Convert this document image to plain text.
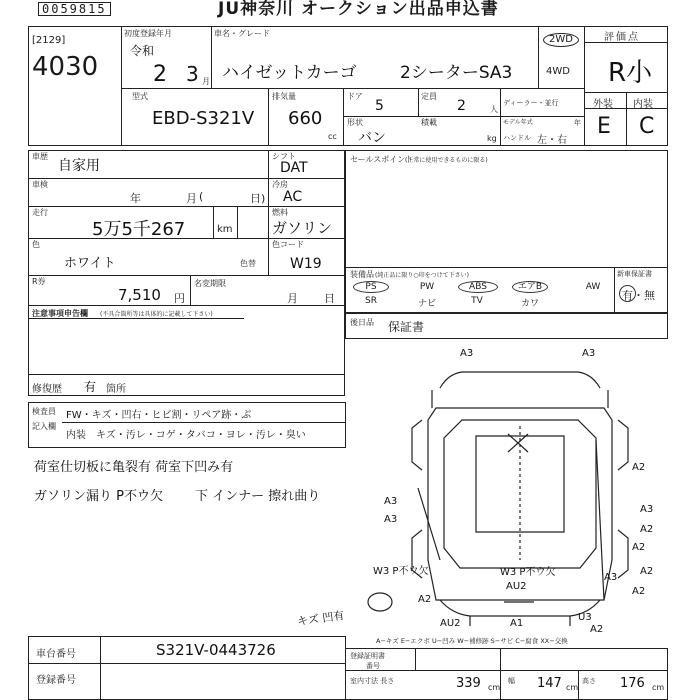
0059815	JU神奈川 オークション出品申込書
[2129]
4030
初度登録年月
令和
2 3 月
車名・グレード
ハイゼットカーゴ	2シーターSA3
2WD
4WD
評価点
R小
外装 内装
E C
型式
EBD-S321V
排気量
660
cc
ドア
5
定員
2	人
ディーラー・並行
形状
バン
積載
kg
モデル年式	年
ハンドル 左・右
車歴
自家用
シフト
DAT
車検
年	月 (	日)
冷房
AC
走行
5万5千267	km
燃料
ガソリン
色
ホワイト	色替
色コード
W19
R券
7,510 円
名変期限
月 日
注意事項申告欄 (不具合箇所等は具体的に記載して下さい)
修復歴 有 箇所
セールスポイント
(正常に使用できるものに限る)
装備品 (純正品に限り○印をつけて下さい)
PS	PW	ABS	エアB	AW
SR	ナビ	TV	カワ
新車保証書
有・無
後日品 保証書
検査員
記入欄
FW・キズ・凹右・ヒビ割・リペア跡・ぶ
内装 キズ・汚レ・コゲ・タバコ・ヨレ・汚レ・臭い
荷室仕切板に亀裂有 荷室下凹み有
ガソリン漏り P不ウ欠 下 インナー 擦れ曲り
キズ 凹有
A3	A3
A2
A3
A3
A2
A2
A2
A2
A2
W3 P不ウ欠	W3 P不ウ欠
AU2
AU2	A1
U3
A2
A3
A3
A−キズ E−エクボ U−凹み W−補修跡 S−サビ C−腐食 XX−交換
車台番号	S321V-0443726
登録番号
登録証明書
番号
室内寸法 長さ	339 cm
幅 147 cm
高さ 176 cm
